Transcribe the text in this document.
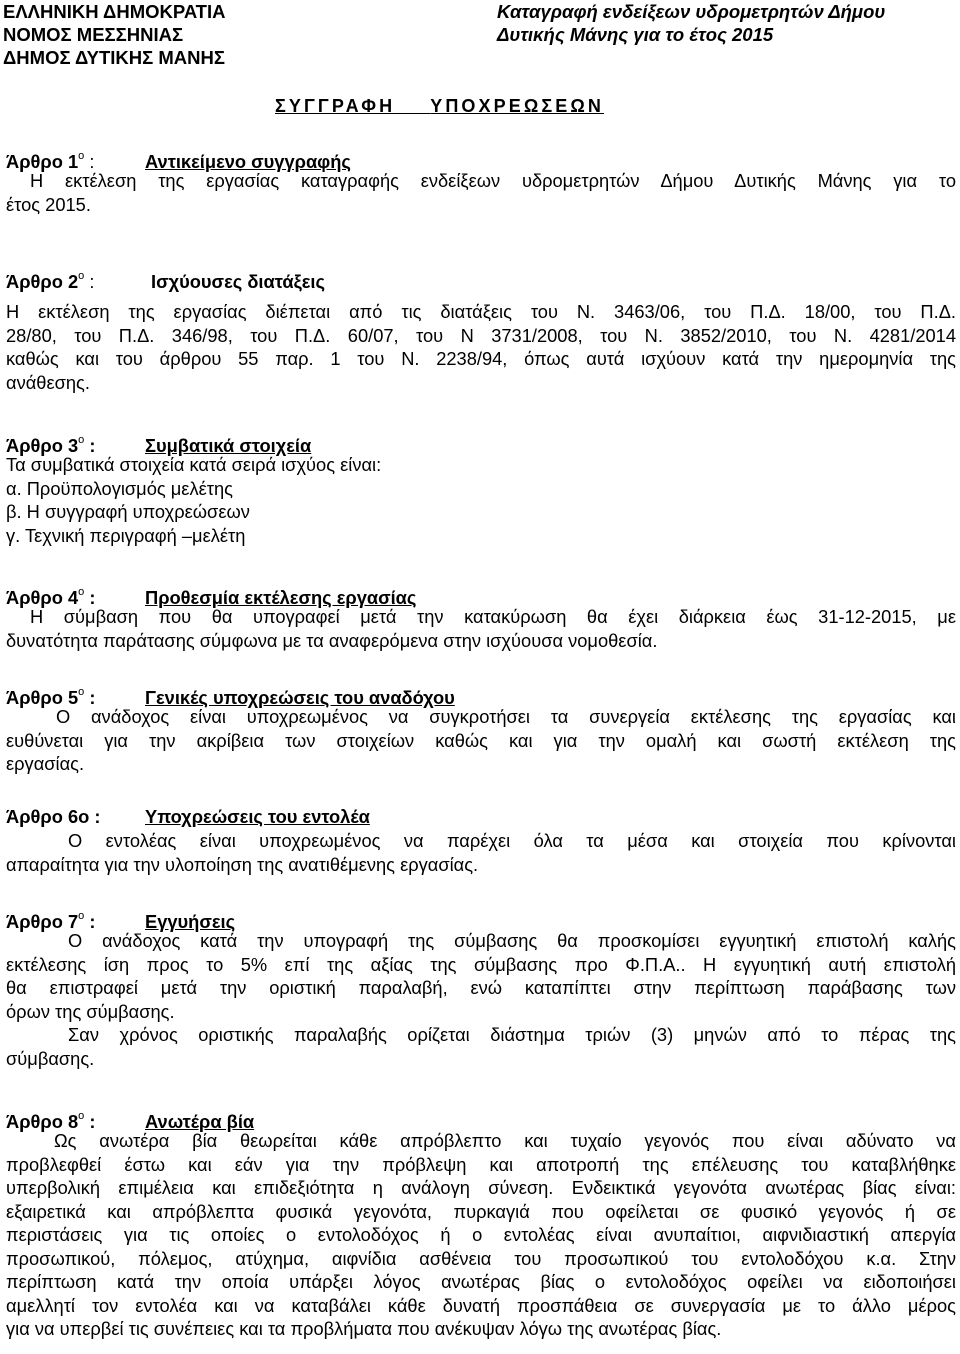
ΕΛΛΗΝΙΚΗ ΔΗΜΟΚΡΑΤΙΑ
ΝΟΜΟΣ ΜΕΣΣΗΝΙΑΣ
ΔΗΜΟΣ ΔΥΤΙΚΗΣ ΜΑΝΗΣ
Καταγραφή ενδείξεων υδρομετρητών Δήμου
Δυτικής Μάνης για το έτος 2015
ΣΥΓΓΡΑΦΗ ΥΠΟΧΡΕΩΣΕΩΝ
Άρθρο $1^o$ :	Αντικείμενο συγγραφής
Η εκτέλεση της εργασίας καταγραφής ενδείξεων υδρομετρητών Δήμου Δυτικής Μάνης για το
έτος 2015.
Άρθρο $2^o$ :	Ισχύουσες διατάξεις
Η εκτέλεση της εργασίας διέπεται από τις διατάξεις του Ν. 3463/06, του Π.Δ. 18/00, του Π.Δ.
28/80, του Π.Δ. 346/98, του Π.Δ. 60/07, του Ν 3731/2008, του Ν. 3852/2010, του Ν. 4281/2014
καθώς και του άρθρου 55 παρ. 1 του Ν. 2238/94, όπως αυτά ισχύουν κατά την ημερομηνία της
ανάθεσης.
Άρθρο $3^o$ :	Συμβατικά στοιχεία
Τα συμβατικά στοιχεία κατά σειρά ισχύος είναι:
α. Προϋπολογισμός μελέτης
β. Η συγγραφή υποχρεώσεων
γ. Τεχνική περιγραφή –μελέτη
Άρθρο $4^o$ :	Προθεσμία εκτέλεσης εργασίας
Η σύμβαση που θα υπογραφεί μετά την κατακύρωση θα έχει διάρκεια έως 31-12-2015, με
δυνατότητα παράτασης σύμφωνα με τα αναφερόμενα στην ισχύουσα νομοθεσία.
Άρθρο $5^o$ :	Γενικές υποχρεώσεις του αναδόχου
Ο ανάδοχος είναι υποχρεωμένος να συγκροτήσει τα συνεργεία εκτέλεσης της εργασίας και
ευθύνεται για την ακρίβεια των στοιχείων καθώς και για την ομαλή και σωστή εκτέλεση της
εργασίας.
Άρθρο 6ο : Υποχρεώσεις του εντολέα
Ο εντολέας είναι υποχρεωμένος να παρέχει όλα τα μέσα και στοιχεία που κρίνονται
απαραίτητα για την υλοποίηση της ανατιθέμενης εργασίας.
Άρθρο $7^o$ :	Εγγυήσεις
Ο ανάδοχος κατά την υπογραφή της σύμβασης θα προσκομίσει εγγυητική επιστολή καλής
εκτέλεσης ίση προς το 5% επί της αξίας της σύμβασης προ Φ.Π.Α.. Η εγγυητική αυτή επιστολή
θα επιστραφεί μετά την οριστική παραλαβή, ενώ καταπίπτει στην περίπτωση παράβασης των
όρων της σύμβασης.
Σαν χρόνος οριστικής παραλαβής ορίζεται διάστημα τριών (3) μηνών από το πέρας της
σύμβασης.
Άρθρο $8^o$ :	Ανωτέρα βία
Ως ανωτέρα βία θεωρείται κάθε απρόβλεπτο και τυχαίο γεγονός που είναι αδύνατο να
προβλεφθεί έστω και εάν για την πρόβλεψη και αποτροπή της επέλευσης του καταβλήθηκε
υπερβολική επιμέλεια και επιδεξιότητα η ανάλογη σύνεση. Ενδεικτικά γεγονότα ανωτέρας βίας είναι:
εξαιρετικά και απρόβλεπτα φυσικά γεγονότα, πυρκαγιά που οφείλεται σε φυσικό γεγονός ή σε
περιστάσεις για τις οποίες ο εντολοδόχος ή ο εντολέας είναι ανυπαίτιοι, αιφνιδιαστική απεργία
προσωπικού, πόλεμος, ατύχημα, αιφνίδια ασθένεια του προσωπικού του εντολοδόχου κ.α. Στην
περίπτωση κατά την οποία υπάρξει λόγος ανωτέρας βίας ο εντολοδόχος οφείλει να ειδοποιήσει
αμελλητί τον εντολέα και να καταβάλει κάθε δυνατή προσπάθεια σε συνεργασία με το άλλο μέρος
για να υπερβεί τις συνέπειες και τα προβλήματα που ανέκυψαν λόγω της ανωτέρας βίας.
